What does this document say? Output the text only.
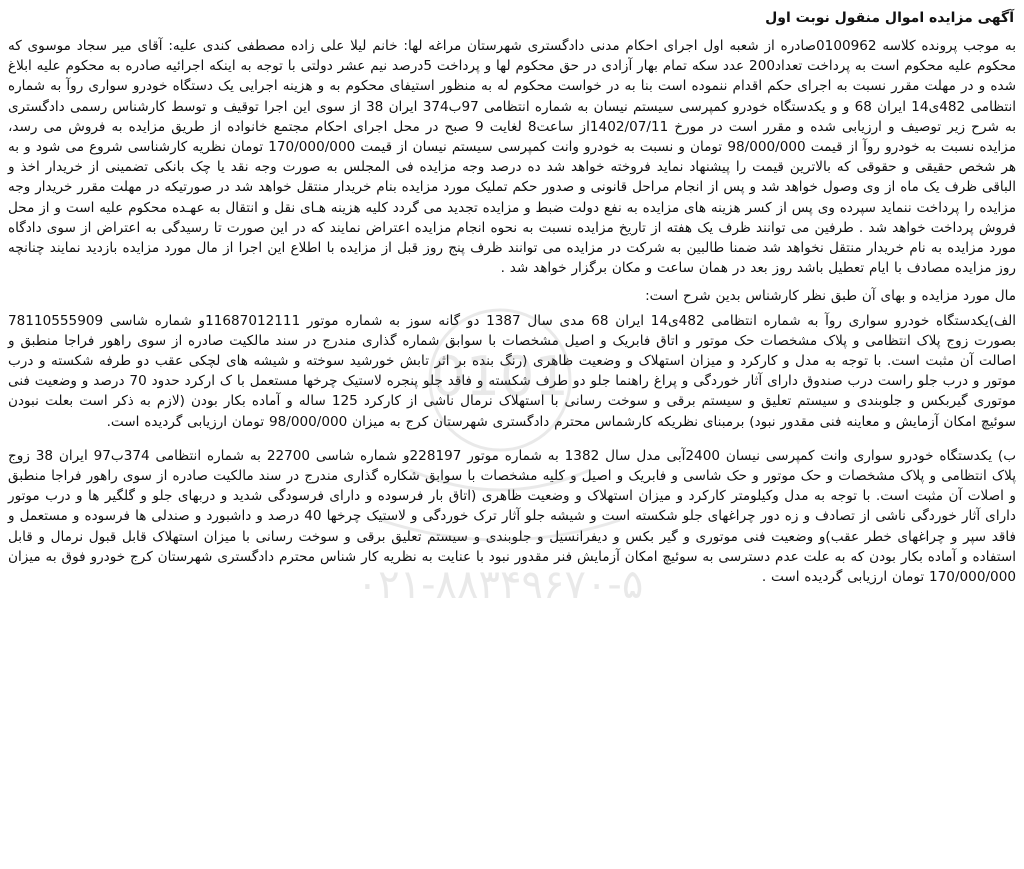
آگهی مزایده اموال منقول نوبت اول

به موجب پرونده کلاسه 0100962صادره از شعبه اول اجرای احکام مدنی دادگستری شهرستان مراغه لها: خانم لیلا علی زاده مصطفی کندی علیه: آقای میر سجاد موسوی که محکوم علیه محکوم است به پرداخت تعداد200 عدد سکه تمام بهار آزادی در حق محکوم لها و پرداخت 5درصد نیم عشر دولتی با توجه به اینکه اجرائیه صادره به محکوم علیه ابلاغ شده و در مهلت مقرر نسبت به اجرای حکم اقدام ننموده است بنا به در خواست محکوم له به منظور استیفای محکوم به و هزینه اجرایی یک دستگاه خودرو سواری روآ به شماره انتظامی 482ی14 ایران 68 و و یکدستگاه خودرو کمپرسی سیستم نیسان به شماره انتظامی 97ب374 ایران 38 از سوی این اجرا توقیف و توسط کارشناس رسمی دادگستری به شرح زیر توصیف و ارزیابی شده و مقرر است در مورخ 1402/07/11از ساعت8 لغایت 9 صبح در محل اجرای احکام مجتمع خانواده از طریق مزایده به فروش می رسد، مزایده نسبت به خودرو روآ از قیمت 98/000/000 تومان و نسبت به خودرو وانت کمپرسی سیستم نیسان از قیمت 170/000/000 تومان نظریه کارشناسی شروع می شود و به هر شخص حقیقی و حقوقی که بالاترین قیمت را پیشنهاد نماید فروخته خواهد شد ده درصد وجه مزایده فی المجلس به صورت وجه نقد یا چک بانکی تضمینی از خریدار اخذ و الباقی ظرف یک ماه از وی وصول خواهد شد و پس از انجام مراحل قانونی و صدور حکم تملیک مورد مزایده بنام خریدار منتقل خواهد شد در صورتیکه در مهلت مقرر خریدار وجه مزایده را پرداخت ننماید سپرده وی پس از کسر هزینه های مزایده به نفع دولت ضبط و مزایده تجدید می گردد کلیه هزینه هـای نقل و انتقال به عهـده محکوم علیه است و از محل فروش پرداخت خواهد شد . طرفین می توانند ظرف یک هفته از تاریخ مزایده نسبت به نحوه انجام مزایده اعتراض نمایند که در این صورت تا رسیدگی به اعتراض از سوی دادگاه مورد مزایده به نام خریدار منتقل نخواهد شد ضمنا طالبین به شرکت در مزایده می توانند ظرف پنج روز قبل از مزایده با اطلاع این اجرا از مال مورد مزایده بازدید نمایند چنانچه روز مزایده مصادف با ایام تعطیل باشد روز بعد در همان ساعت و مکان برگزار خواهد شد .

مال مورد مزایده و بهای آن طبق نظر کارشناس بدین شرح است:

الف)یکدستگاه خودرو سواری روآ به شماره انتظامی 482ی14 ایران 68 مدی سال 1387 دو گانه سوز به شماره موتور 11687012111و شماره شاسی 78110555909 بصورت زوج پلاک انتظامی و پلاک مشخصات حک موتور و اتاق فابریک و اصیل مشخصات با سوابق شماره گذاری مندرج در سند مالکیت صادره از سوی راهور فراجا منطبق و اصالت آن مثبت است. با توجه به مدل و کارکرد و میزان استهلاک و وضعیت ظاهری (رنگ بنده بر اثر تابش خورشید سوخته و شیشه های لچکی عقب دو طرفه شکسته و درب موتور و درب جلو راست درب صندوق دارای آثار خوردگی و پراغ راهنما جلو دو طرف شکسته و فاقد جلو پنجره لاستیک چرخها مستعمل با ک ارکرد حدود 70 درصد و وضعیت فنی موتوری گیربکس و جلوبندی و سیستم تعلیق و سیستم برقی و سوخت رسانی با استهلاک نرمال ناشی از کارکرد 125 ساله و آماده بکار بودن (لازم به ذکر است بعلت نبودن سوئیچ امکان آزمایش و معاینه فنی مقدور نبود) برمبنای نظریکه کارشماس محترم دادگستری شهرستان کرج به میزان 98/000/000 تومان ارزیابی گردیده است.

ب) یکدستگاه خودرو سواری وانت کمپرسی نیسان 2400آبی مدل سال 1382 به شماره موتور 228197و شماره شاسی 22700 به شماره انتظامی 374ب97 ایران 38 زوج پلاک انتظامی و پلاک مشخصات و حک موتور و حک شاسی و فابریک و اصیل و کلیه مشخصات با سوابق شکاره گذاری مندرج در سند مالکیت صادره از سوی راهور فراجا منطبق و اصلات آن مثبت است. با توجه به مدل وکیلومتر کارکرد و میزان استهلاک و وضعیت ظاهری (اتاق بار فرسوده و دارای فرسودگی شدید و دربهای جلو و گلگیر ها و درب موتور دارای آثار خوردگی ناشی از تصادف و زه دور چراغهای جلو شکسته است و شیشه جلو آثار ترک خوردگی و لاستیک چرخها 40 درصد و داشبورد و صندلی ها فرسوده و مستعمل و فاقد سپر و چراغهای خطر عقب)و وضعیت فنی موتوری و گیر بکس و دیفرانسیل و جلوبندی و سیستم تعلیق برقی و سوخت رسانی با میزان استهلاک قابل قبول نرمال و قابل استفاده و آماده بکار بودن که به علت عدم دسترسی به سوئیچ امکان آزمایش فنر مقدور نبود با عنایت به نظریه کار شناس محترم دادگستری شهرستان کرج خودرو فوق به میزان 170/000/000 تومان ارزیابی گردیده است .

0101
۰۲۱-۸۸۳۴۹۶۷۰-۵
